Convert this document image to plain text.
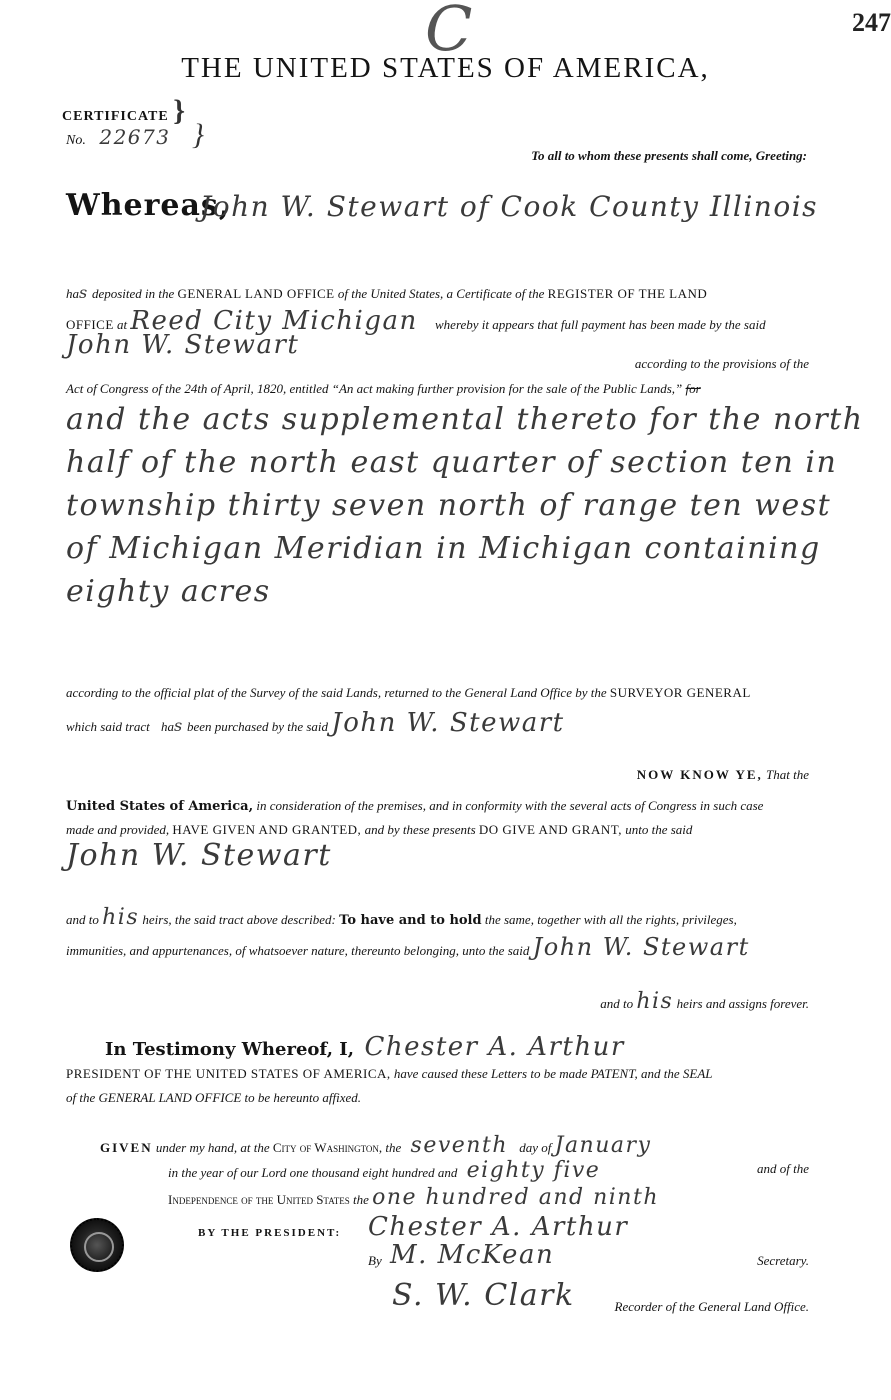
247
C
THE UNITED STATES OF AMERICA,
CERTIFICATE }
No. 22673 }
To all to whom these presents shall come, Greeting:
Whereas,
John W. Stewart of Cook County Illinois
has deposited in the GENERAL LAND OFFICE of the United States, a Certificate of the REGISTER OF THE LAND
OFFICE at Reed City Michigan whereby it appears that full payment has been made by the said
John W. Stewart
according to the provisions of the
Act of Congress of the 24th of April, 1820, entitled “An act making further provision for the sale of the Public Lands,” for
and the acts supplemental thereto for the north
half of the north east quarter of section ten in
township thirty seven north of range ten west
of Michigan Meridian in Michigan containing
eighty acres
according to the official plat of the Survey of the said Lands, returned to the General Land Office by the SURVEYOR GENERAL
which said tract has been purchased by the said John W. Stewart
NOW KNOW YE, That the
United States of America, in consideration of the premises, and in conformity with the several acts of Congress in such case
made and provided, HAVE GIVEN AND GRANTED, and by these presents DO GIVE AND GRANT, unto the said
John W. Stewart
and to his heirs, the said tract above described: To have and to hold the same, together with all the rights, privileges,
immunities, and appurtenances, of whatsoever nature, thereunto belonging, unto the said John W. Stewart
and to his heirs and assigns forever.
In Testimony Whereof, I, Chester A. Arthur
PRESIDENT OF THE UNITED STATES OF AMERICA, have caused these Letters to be made PATENT, and the SEAL
of the GENERAL LAND OFFICE to be hereunto affixed.
GIVEN under my hand, at the City of Washington, the seventh day of January
in the year of our Lord one thousand eight hundred and eighty five	and of the
Independence of the United States the one hundred and ninth
BY THE PRESIDENT: Chester A. Arthur
By M. McKean	Secretary.
S. W. Clark	Recorder of the General Land Office.
